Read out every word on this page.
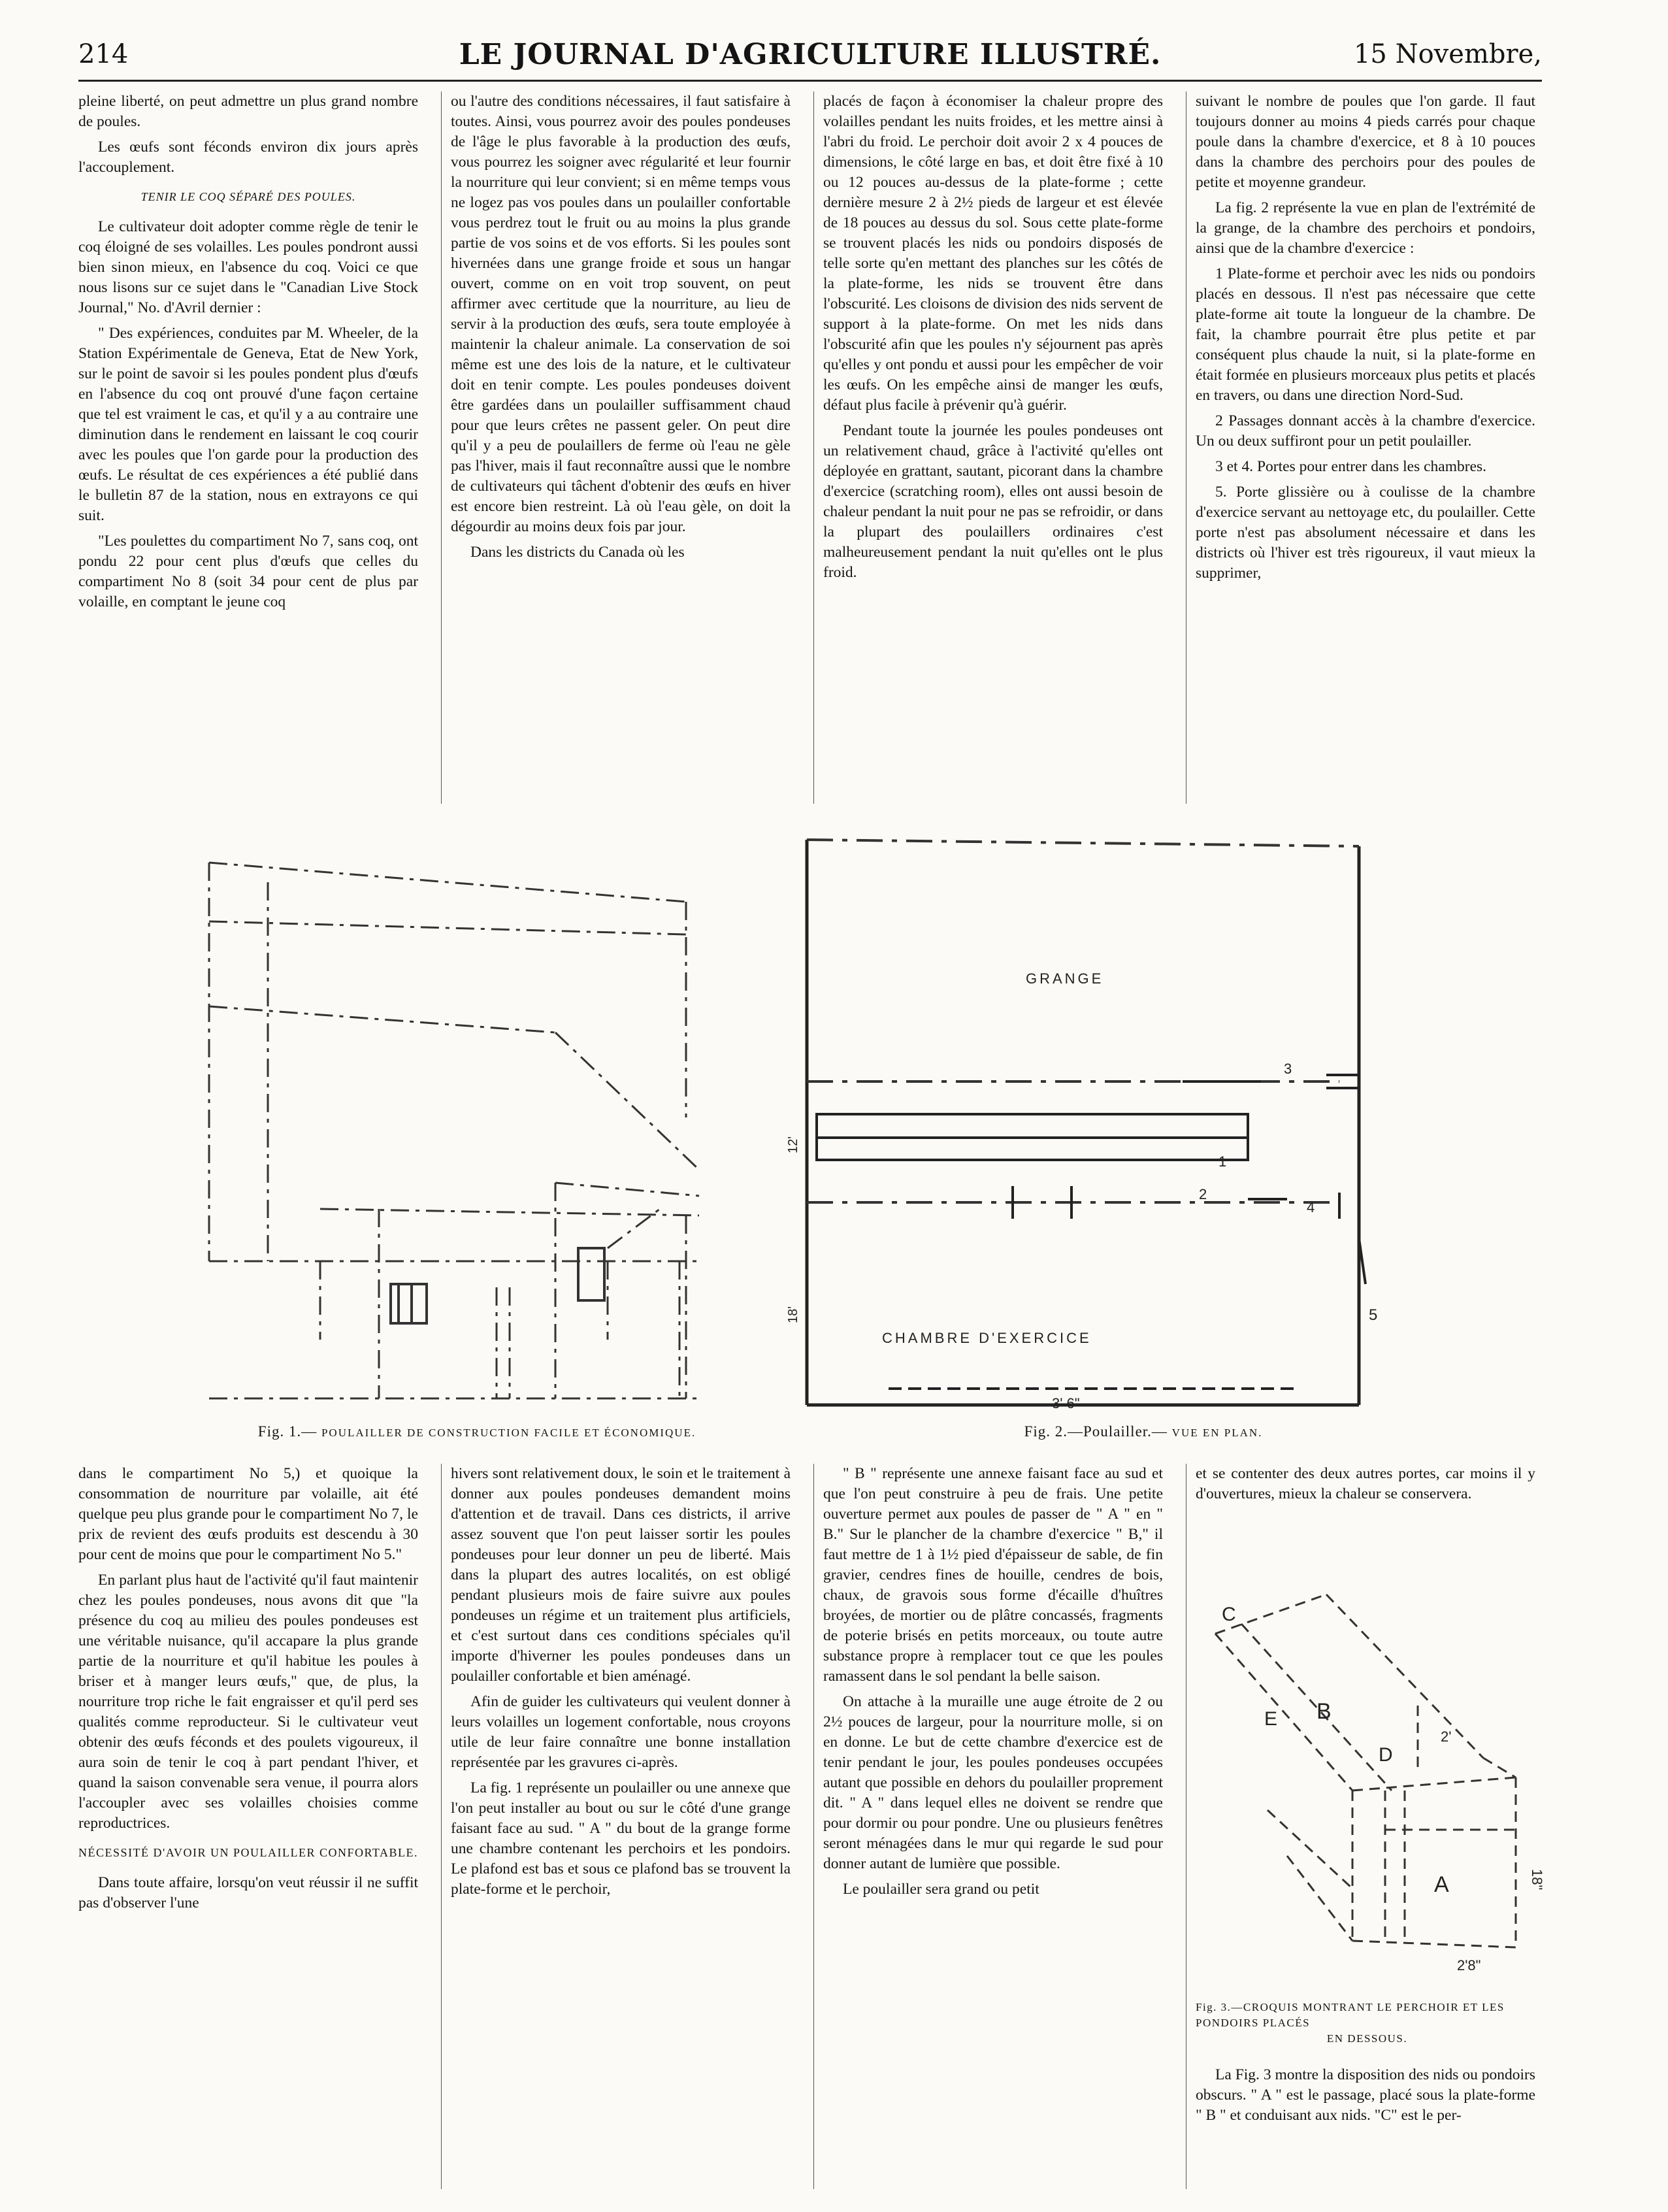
214	LE JOURNAL D'AGRICULTURE ILLUSTRÉ.	15 Novembre,

pleine liberté, on peut admettre un plus grand nombre de poules.

Les œufs sont féconds environ dix jours après l'accouplement.

TENIR LE COQ SÉPARÉ DES POULES.

Le cultivateur doit adopter comme règle de tenir le coq éloigné de ses volailles. Les poules pondront aussi bien sinon mieux, en l'absence du coq. Voici ce que nous lisons sur ce sujet dans le "Canadian Live Stock Journal," No. d'Avril dernier :

" Des expériences, conduites par M. Wheeler, de la Station Expérimentale de Geneva, Etat de New York, sur le point de savoir si les poules pondent plus d'œufs en l'absence du coq ont prouvé d'une façon certaine que tel est vraiment le cas, et qu'il y a au contraire une diminution dans le rendement en laissant le coq courir avec les poules que l'on garde pour la production des œufs. Le résultat de ces expériences a été publié dans le bulletin 87 de la station, nous en extrayons ce qui suit.

"Les poulettes du compartiment No 7, sans coq, ont pondu 22 pour cent plus d'œufs que celles du compartiment No 8 (soit 34 pour cent de plus par volaille, en comptant le jeune coq

ou l'autre des conditions nécessaires, il faut satisfaire à toutes. Ainsi, vous pourrez avoir des poules pondeuses de l'âge le plus favorable à la production des œufs, vous pourrez les soigner avec régularité et leur fournir la nourriture qui leur convient; si en même temps vous ne logez pas vos poules dans un poulailler confortable vous perdrez tout le fruit ou au moins la plus grande partie de vos soins et de vos efforts. Si les poules sont hivernées dans une grange froide et sous un hangar ouvert, comme on en voit trop souvent, on peut affirmer avec certitude que la nourriture, au lieu de servir à la production des œufs, sera toute employée à maintenir la chaleur animale. La conservation de soi même est une des lois de la nature, et le cultivateur doit en tenir compte. Les poules pondeuses doivent être gardées dans un poulailler suffisamment chaud pour que leurs crêtes ne passent geler. On peut dire qu'il y a peu de poulaillers de ferme où l'eau ne gèle pas l'hiver, mais il faut reconnaître aussi que le nombre de cultivateurs qui tâchent d'obtenir des œufs en hiver est encore bien restreint. Là où l'eau gèle, on doit la dégourdir au moins deux fois par jour.

Dans les districts du Canada où les

placés de façon à économiser la chaleur propre des volailles pendant les nuits froides, et les mettre ainsi à l'abri du froid. Le perchoir doit avoir 2 x 4 pouces de dimensions, le côté large en bas, et doit être fixé à 10 ou 12 pouces au-dessus de la plate-forme ; cette dernière mesure 2 à 2½ pieds de largeur et est élevée de 18 pouces au dessus du sol. Sous cette plate-forme se trouvent placés les nids ou pondoirs disposés de telle sorte qu'en mettant des planches sur les côtés de la plate-forme, les nids se trouvent être dans l'obscurité. Les cloisons de division des nids servent de support à la plate-forme. On met les nids dans l'obscurité afin que les poules n'y séjournent pas après qu'elles y ont pondu et aussi pour les empêcher de voir les œufs. On les empêche ainsi de manger les œufs, défaut plus facile à prévenir qu'à guérir.

Pendant toute la journée les poules pondeuses ont un relativement chaud, grâce à l'activité qu'elles ont déployée en grattant, sautant, picorant dans la chambre d'exercice (scratching room), elles ont aussi besoin de chaleur pendant la nuit pour ne pas se refroidir, or dans la plupart des poulaillers ordinaires c'est malheureusement pendant la nuit qu'elles ont le plus froid.

suivant le nombre de poules que l'on garde. Il faut toujours donner au moins 4 pieds carrés pour chaque poule dans la chambre d'exercice, et 8 à 10 pouces dans la chambre des perchoirs pour des poules de petite et moyenne grandeur.

La fig. 2 représente la vue en plan de l'extrémité de la grange, de la chambre des perchoirs et pondoirs, ainsi que de la chambre d'exercice :

1 Plate-forme et perchoir avec les nids ou pondoirs placés en dessous. Il n'est pas nécessaire que cette plate-forme ait toute la longueur de la chambre. De fait, la chambre pourrait être plus petite et par conséquent plus chaude la nuit, si la plate-forme en était formée en plusieurs morceaux plus petits et placés en travers, ou dans une direction Nord-Sud.

2 Passages donnant accès à la chambre d'exercice. Un ou deux suffiront pour un petit poulailler.

3 et 4. Portes pour entrer dans les chambres.

5. Porte glissière ou à coulisse de la chambre d'exercice servant au nettoyage etc, du poulailler. Cette porte n'est pas absolument nécessaire et dans les districts où l'hiver est très rigoureux, il vaut mieux la supprimer,

Fig. 1.— POULAILLER DE CONSTRUCTION FACILE ET ÉCONOMIQUE.
GRANGE
CHAMBRE D'EXERCICE
3
1
2
4
5
12'
18'
3' 6"
Fig. 2.—Poulailler.— VUE EN PLAN.

dans le compartiment No 5,) et quoique la consommation de nourriture par volaille, ait été quelque peu plus grande pour le compartiment No 7, le prix de revient des œufs produits est descendu à 30 pour cent de moins que pour le compartiment No 5."

En parlant plus haut de l'activité qu'il faut maintenir chez les poules pondeuses, nous avons dit que "la présence du coq au milieu des poules pondeuses est une véritable nuisance, qu'il accapare la plus grande partie de la nourriture et qu'il habitue les poules à briser et à manger leurs œufs," que, de plus, la nourriture trop riche le fait engraisser et qu'il perd ses qualités comme reproducteur. Si le cultivateur veut obtenir des œufs féconds et des poulets vigoureux, il aura soin de tenir le coq à part pendant l'hiver, et quand la saison convenable sera venue, il pourra alors l'accoupler avec ses volailles choisies comme reproductrices.

NÉCESSITÉ D'AVOIR UN POULAILLER CONFORTABLE.

Dans toute affaire, lorsqu'on veut réussir il ne suffit pas d'observer l'une

hivers sont relativement doux, le soin et le traitement à donner aux poules pondeuses demandent moins d'attention et de travail. Dans ces districts, il arrive assez souvent que l'on peut laisser sortir les poules pondeuses pour leur donner un peu de liberté. Mais dans la plupart des autres localités, on est obligé pendant plusieurs mois de faire suivre aux poules pondeuses un régime et un traitement plus artificiels, et c'est surtout dans ces conditions spéciales qu'il importe d'hiverner les poules pondeuses dans un poulailler confortable et bien aménagé.

Afin de guider les cultivateurs qui veulent donner à leurs volailles un logement confortable, nous croyons utile de leur faire connaître une bonne installation représentée par les gravures ci-après.

La fig. 1 représente un poulailler ou une annexe que l'on peut installer au bout ou sur le côté d'une grange faisant face au sud. " A " du bout de la grange forme une chambre contenant les perchoirs et les pondoirs. Le plafond est bas et sous ce plafond bas se trouvent la plate-forme et le perchoir,

" B " représente une annexe faisant face au sud et que l'on peut construire à peu de frais. Une petite ouverture permet aux poules de passer de " A " en " B." Sur le plancher de la chambre d'exercice " B," il faut mettre de 1 à 1½ pied d'épaisseur de sable, de fin gravier, cendres fines de houille, cendres de bois, chaux, de gravois sous forme d'écaille d'huîtres broyées, de mortier ou de plâtre concassés, fragments de poterie brisés en petits morceaux, ou toute autre substance propre à remplacer tout ce que les poules ramassent dans le sol pendant la belle saison.

On attache à la muraille une auge étroite de 2 ou 2½ pouces de largeur, pour la nourriture molle, si on en donne. Le but de cette chambre d'exercice est de tenir pendant le jour, les poules pondeuses occupées autant que possible en dehors du poulailler proprement dit. " A " dans lequel elles ne doivent se rendre que pour dormir ou pour pondre. Une ou plusieurs fenêtres seront ménagées dans le mur qui regarde le sud pour donner autant de lumière que possible.

Le poulailler sera grand ou petit

et se contenter des deux autres portes, car moins il y d'ouvertures, mieux la chaleur se conservera.

C
E B
D
A	18"
2'
2'8"
Fig. 3.—CROQUIS MONTRANT LE PERCHOIR ET LES PONDOIRS PLACÉS
EN DESSOUS.

La Fig. 3 montre la disposition des nids ou pondoirs obscurs. " A " est le passage, placé sous la plate-forme " B " et conduisant aux nids. "C" est le per-
